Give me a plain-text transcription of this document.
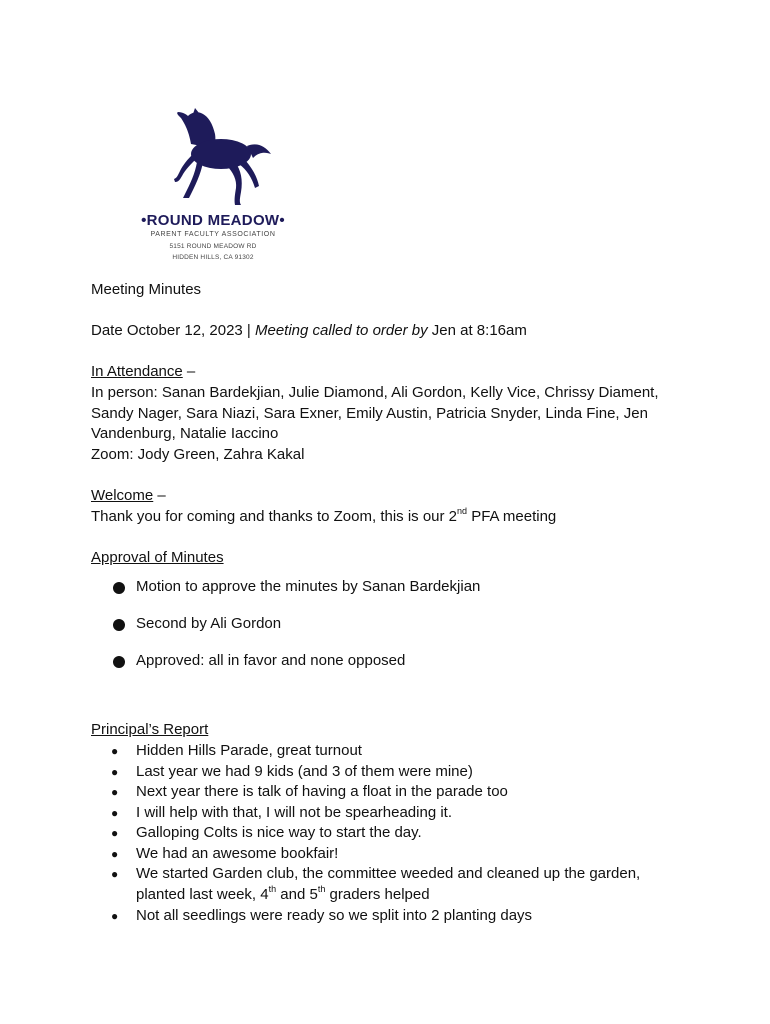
•ROUND MEADOW•
PARENT FACULTY ASSOCIATION
5151 ROUND MEADOW RD
HIDDEN HILLS, CA 91302

Meeting Minutes

Date October 12, 2023 | Meeting called to order by Jen at 8:16am

In Attendance –

In person: Sanan Bardekjian, Julie Diamond, Ali Gordon, Kelly Vice, Chrissy Diament, Sandy Nager, Sara Niazi, Sara Exner, Emily Austin, Patricia Snyder, Linda Fine, Jen Vandenburg, Natalie Iaccino

Zoom: Jody Green, Zahra Kakal

Welcome –

Thank you for coming and thanks to Zoom, this is our 2nd PFA meeting

Approval of Minutes

Motion to approve the minutes by Sanan Bardekjian
Second by Ali Gordon
Approved: all in favor and none opposed

Principal’s Report

● Hidden Hills Parade, great turnout
● Last year we had 9 kids (and 3 of them were mine)
● Next year there is talk of having a float in the parade too
● I will help with that, I will not be spearheading it.
● Galloping Colts is nice way to start the day.
● We had an awesome bookfair!
● We started Garden club, the committee weeded and cleaned up the garden, planted last week, 4th and 5th graders helped
● Not all seedlings were ready so we split into 2 planting days
